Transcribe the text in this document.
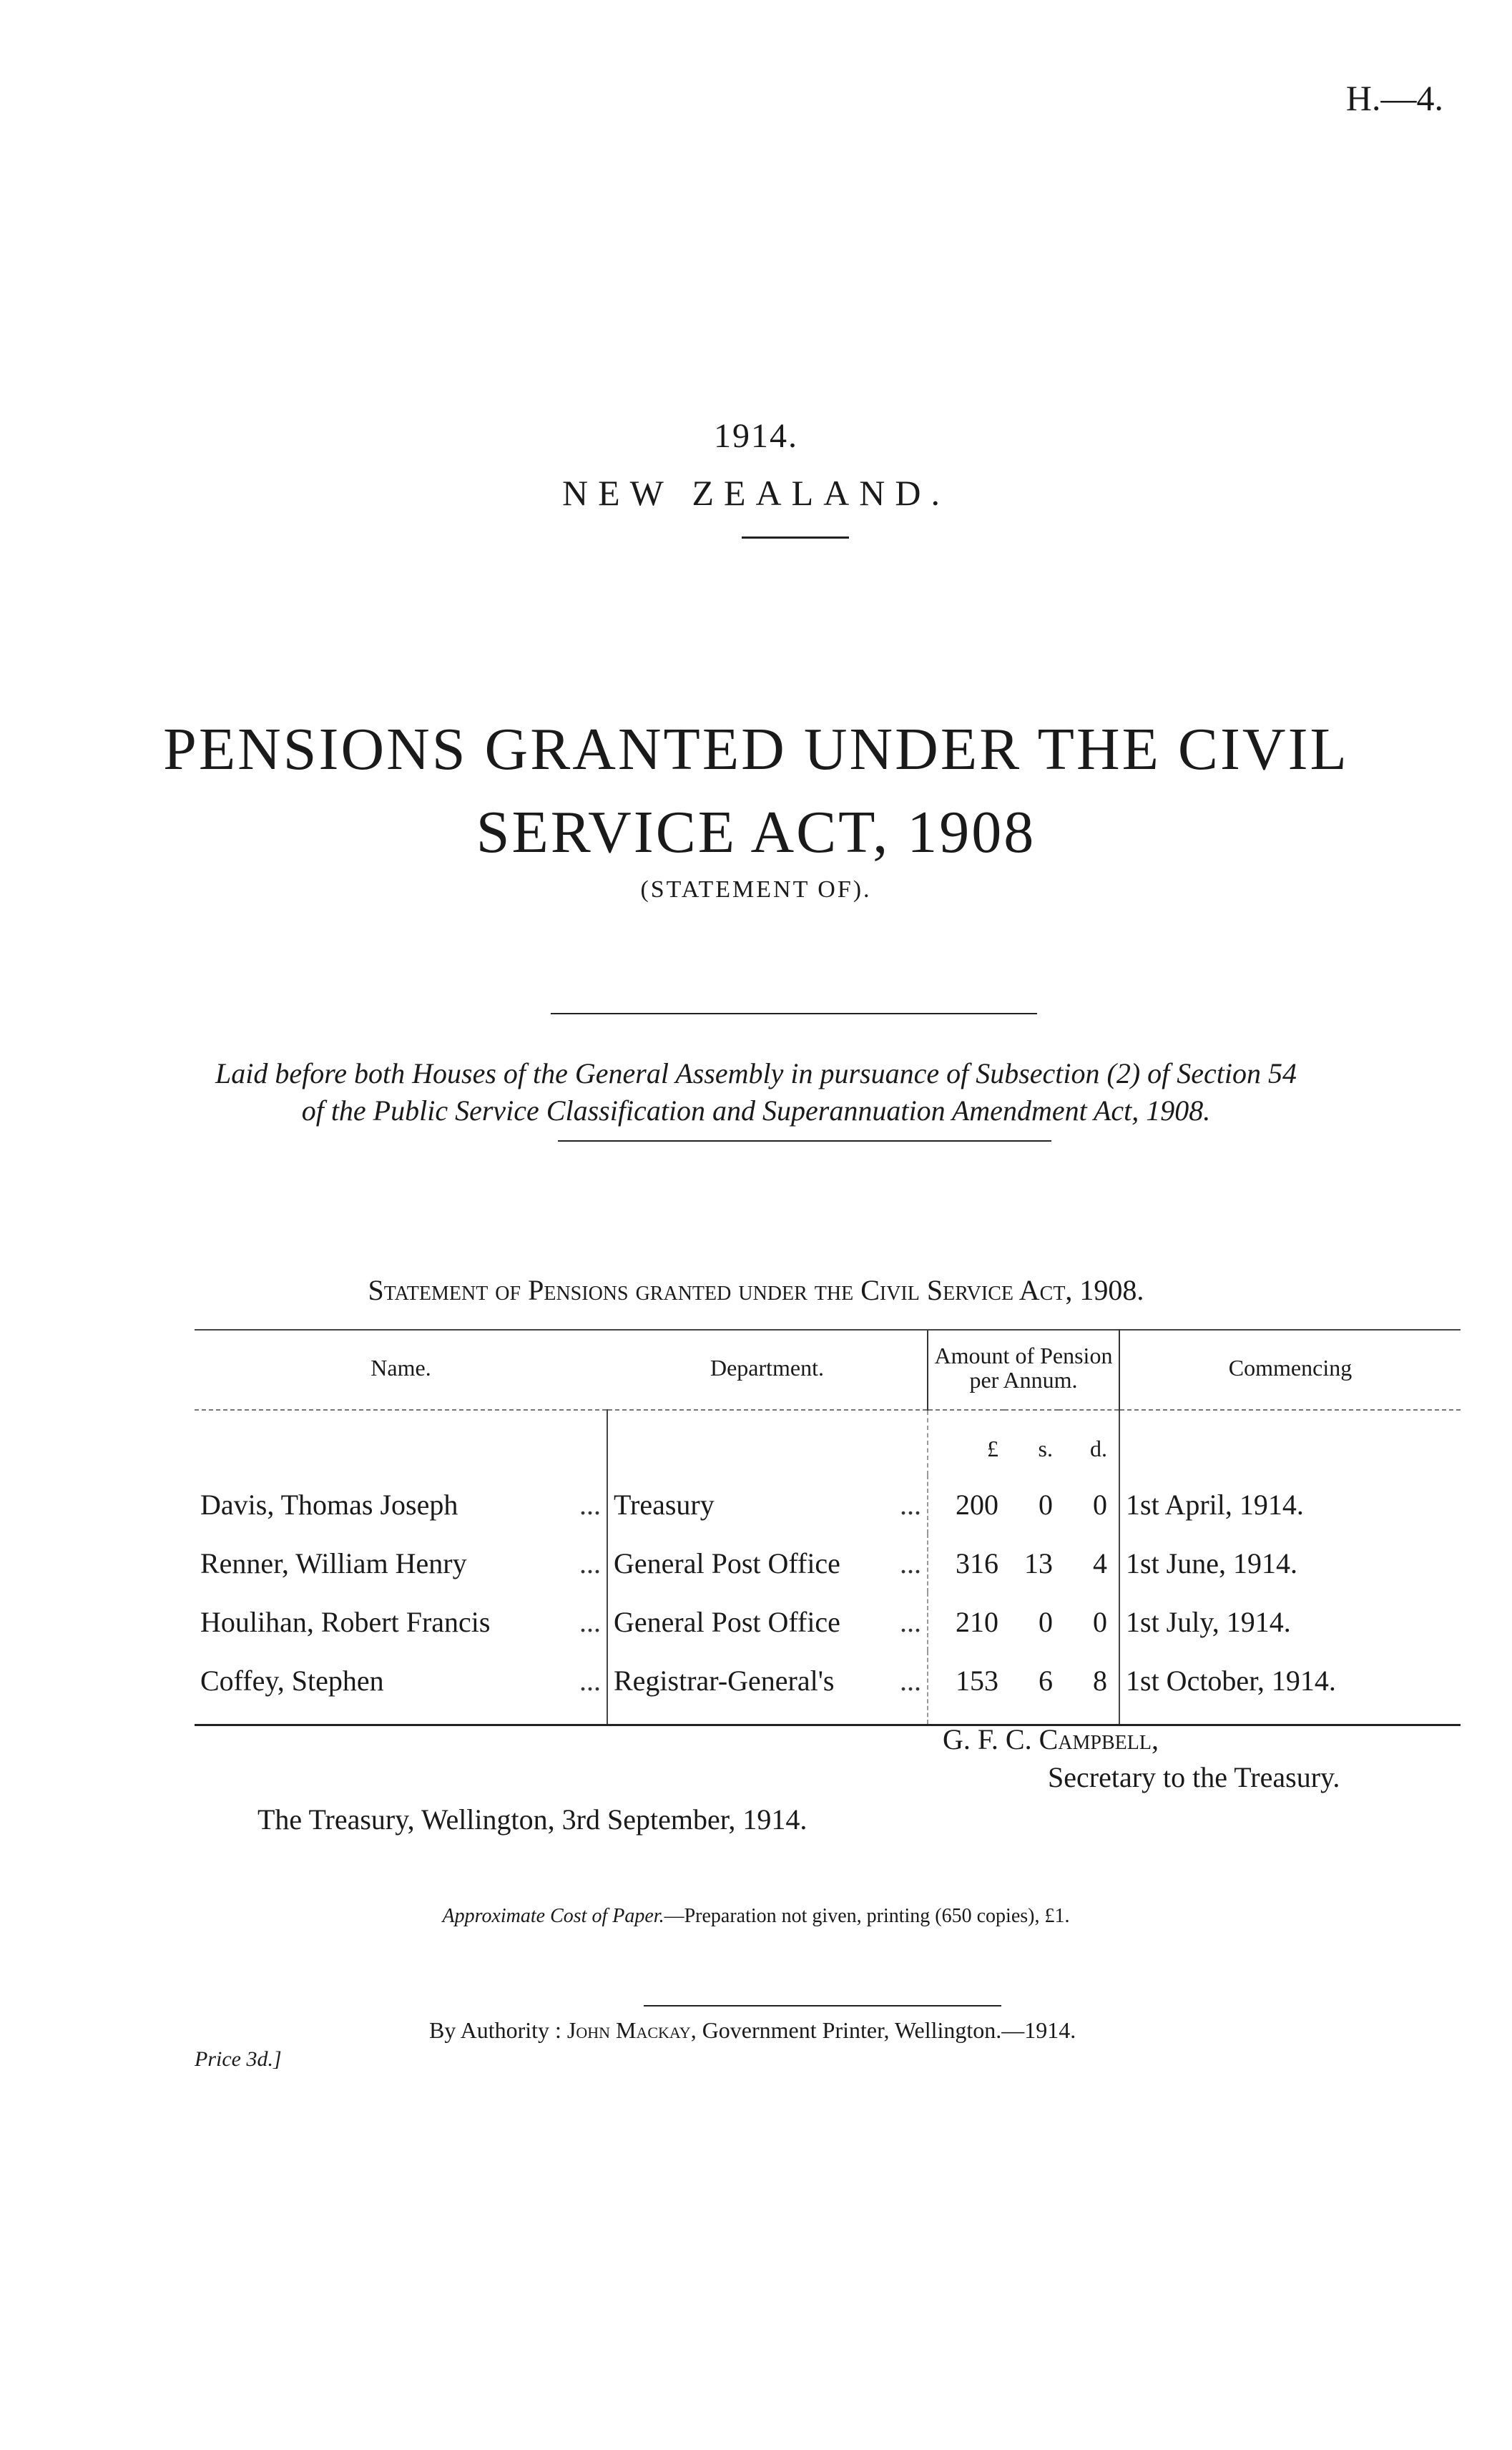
H.—4.
1914.
NEW ZEALAND.
PENSIONS GRANTED UNDER THE CIVIL
SERVICE ACT, 1908
(STATEMENT OF).
Laid before both Houses of the General Assembly in pursuance of Subsection (2) of Section 54
of the Public Service Classification and Superannuation Amendment Act, 1908.
Statement of Pensions granted under the Civil Service Act, 1908.
Name.	Department.	Amount of Pension per Annum.			Commencing
		£	s.	d.	
Davis, Thomas Joseph ...	Treasury ...	200	0	0	1st April, 1914.
Renner, William Henry ...	General Post Office ...	316	13	4	1st June, 1914.
Houlihan, Robert Francis ...	General Post Office ...	210	0	0	1st July, 1914.
Coffey, Stephen ...	Registrar-General's ...	153	6	8	1st October, 1914.
G. F. C. Campbell,
Secretary to the Treasury.
The Treasury, Wellington, 3rd September, 1914.
Approximate Cost of Paper.—Preparation not given, printing (650 copies), £1.
By Authority : John Mackay, Government Printer, Wellington.—1914.
Price 3d.]
